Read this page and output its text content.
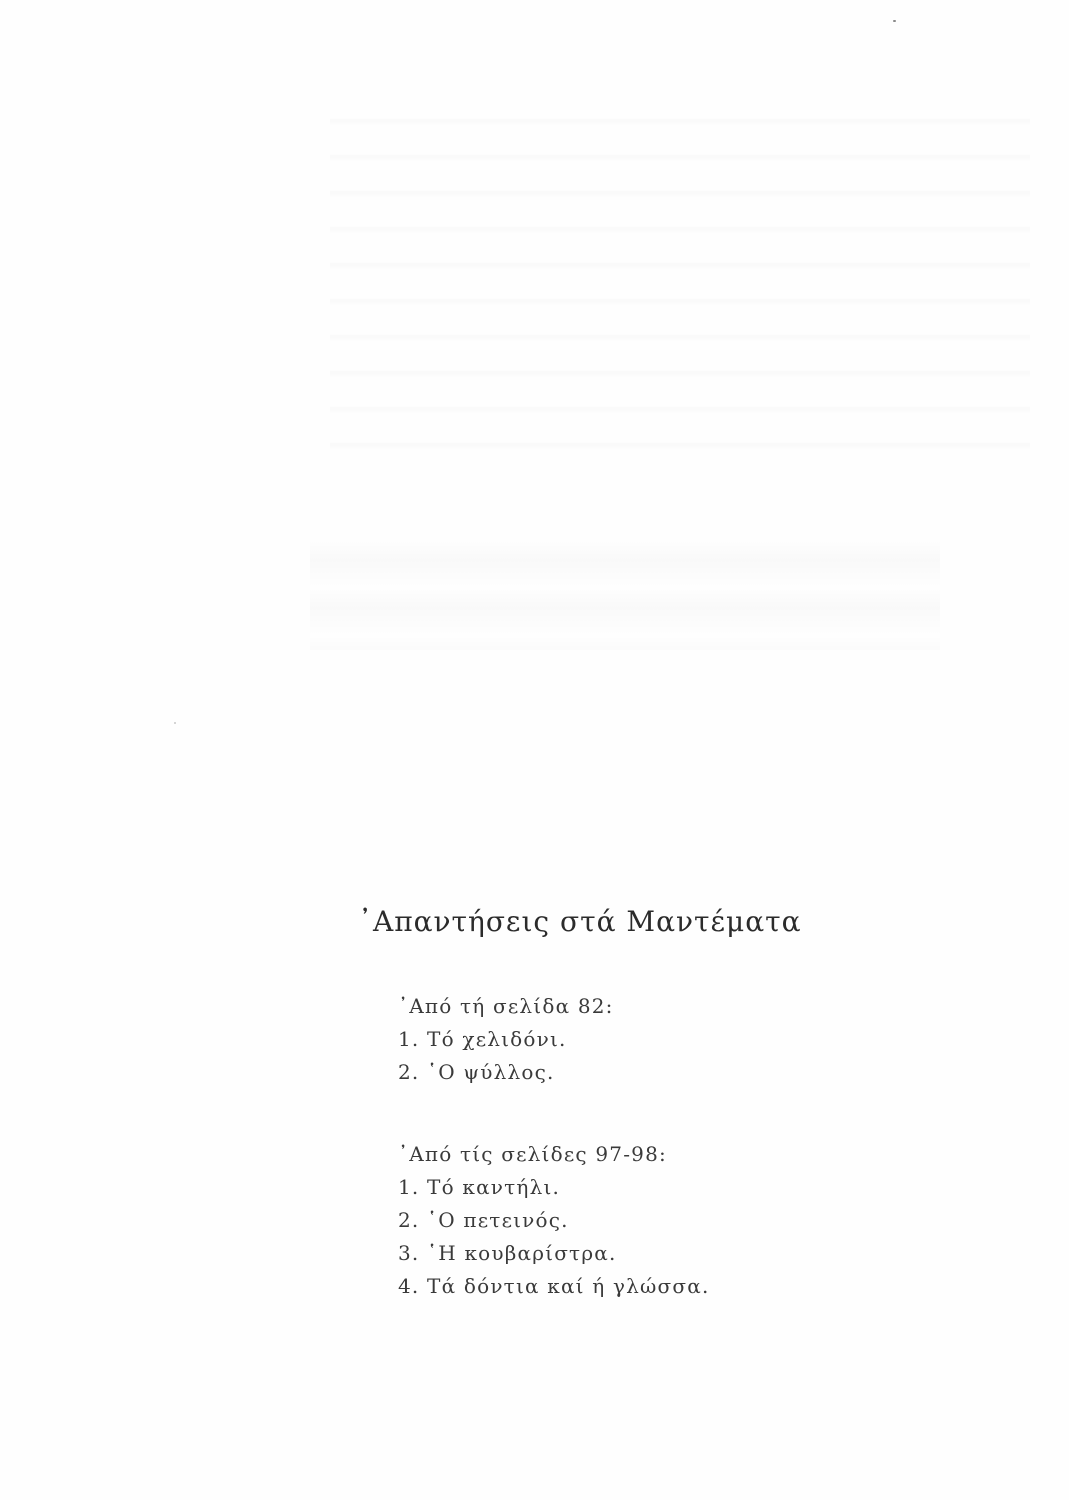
᾿Απαντήσεις στά Μαντέματα
᾿Από τή σελίδα 82:
1. Τό χελιδόνι.
2. ῾Ο ψύλλος.
᾿Από τίς σελίδες 97-98:
1. Τό καντήλι.
2. ῾Ο πετεινός.
3. ῾Η κουβαρίστρα.
4. Τά δόντια καί ή γλώσσα.
